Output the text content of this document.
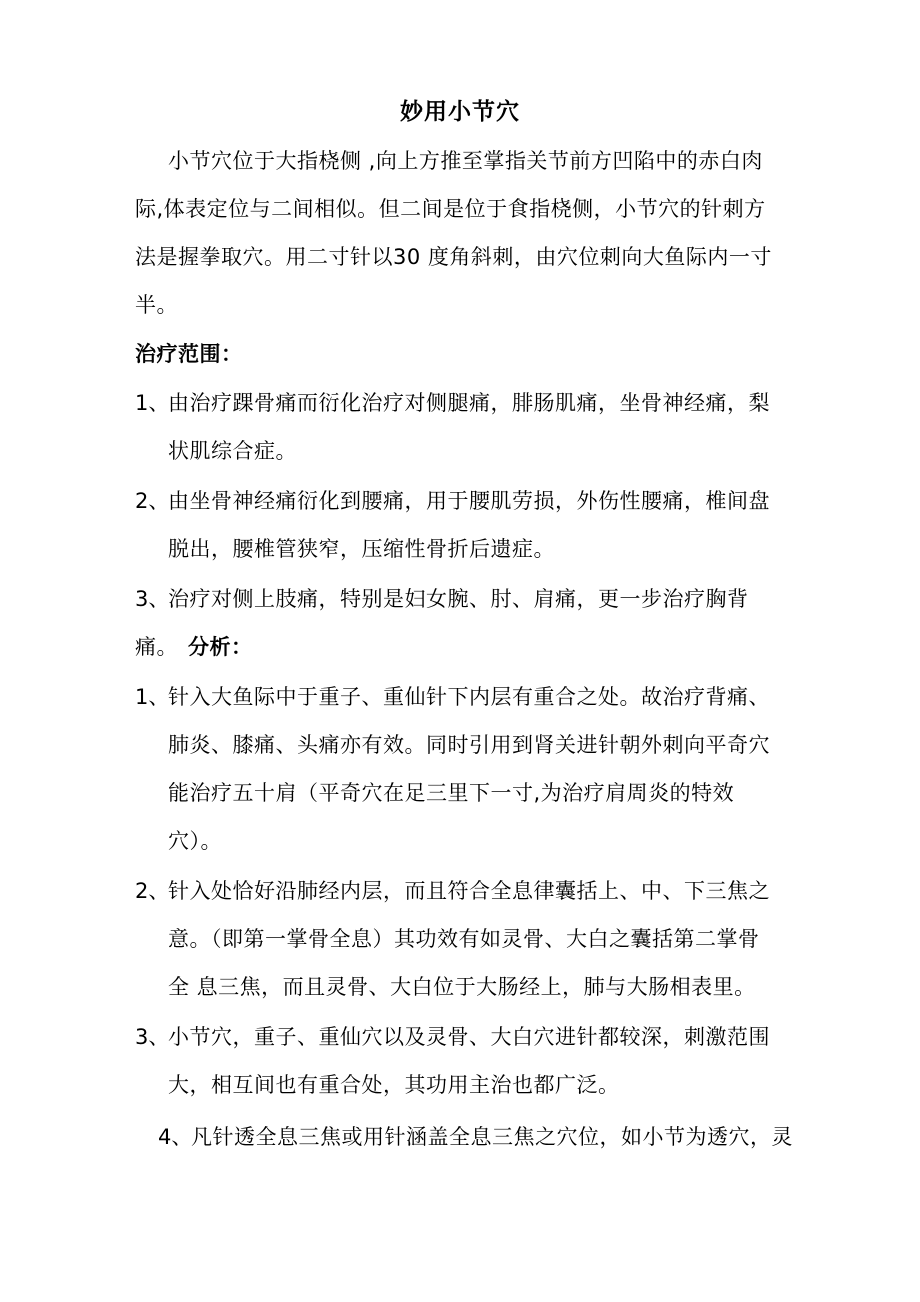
妙用小节穴
小节穴位于大指桡侧 ,向上方推至掌指关节前方凹陷中的赤白肉
际,体表定位与二间相似。但二间是位于食指桡侧，小节穴的针刺方
法是握拳取穴。用二寸针以30 度角斜刺，由穴位刺向大鱼际内一寸
半。
治疗范围：
1、
由治疗踝骨痛而衍化治疗对侧腿痛，腓肠肌痛，坐骨神经痛，梨
状肌综合症。
2、
由坐骨神经痛衍化到腰痛，用于腰肌劳损，外伤性腰痛，椎间盘
脱出，腰椎管狭窄，压缩性骨折后遗症。
3、
治疗对侧上肢痛，特别是妇女腕、肘、肩痛，更一步治疗胸背
痛。 分析：
1、
针入大鱼际中于重子、重仙针下内层有重合之处。故治疗背痛、
肺炎、膝痛、头痛亦有效。同时引用到肾关进针朝外刺向平奇穴
能治疗五十肩（平奇穴在足三里下一寸,为治疗肩周炎的特效
穴）。
2、
针入处恰好沿肺经内层，而且符合全息律囊括上、中、下三焦之
意。（即第一掌骨全息）其功效有如灵骨、大白之囊括第二掌骨
全 息三焦，而且灵骨、大白位于大肠经上，肺与大肠相表里。
3、
小节穴，重子、重仙穴以及灵骨、大白穴进针都较深，刺激范围
大，相互间也有重合处，其功用主治也都广泛。
4、
凡针透全息三焦或用针涵盖全息三焦之穴位，如小节为透穴，灵
